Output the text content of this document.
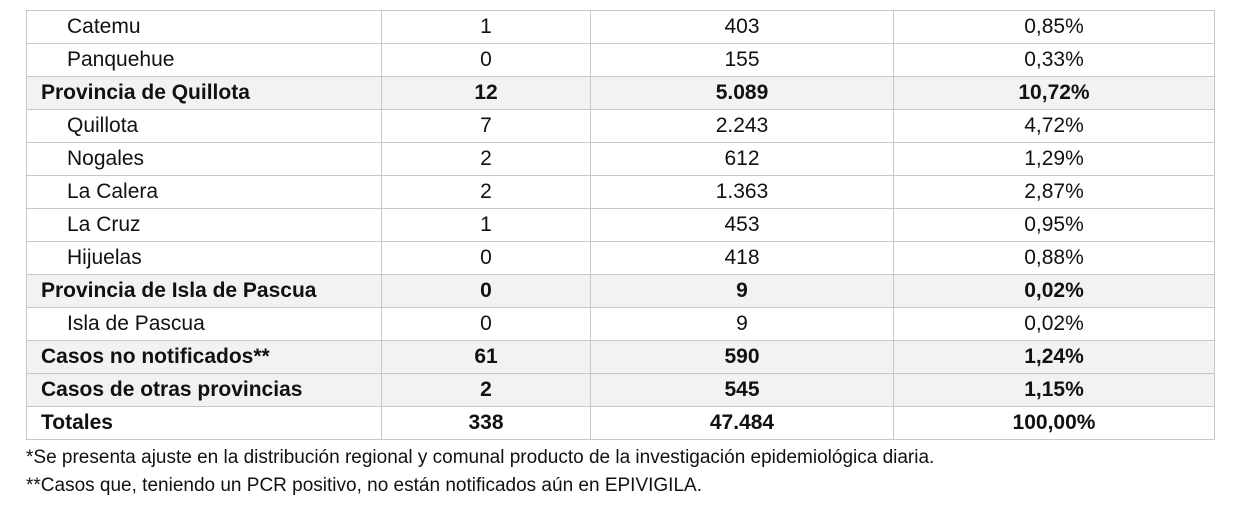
Catemu	1	403	0,85%
Panquehue	0	155	0,33%
Provincia de Quillota	12	5.089	10,72%
Quillota	7	2.243	4,72%
Nogales	2	612	1,29%
La Calera	2	1.363	2,87%
La Cruz	1	453	0,95%
Hijuelas	0	418	0,88%
Provincia de Isla de Pascua	0	9	0,02%
Isla de Pascua	0	9	0,02%
Casos no notificados**	61	590	1,24%
Casos de otras provincias	2	545	1,15%
Totales	338	47.484	100,00%
*Se presenta ajuste en la distribución regional y comunal producto de la investigación epidemiológica diaria.
**Casos que, teniendo un PCR positivo, no están notificados aún en EPIVIGILA.
